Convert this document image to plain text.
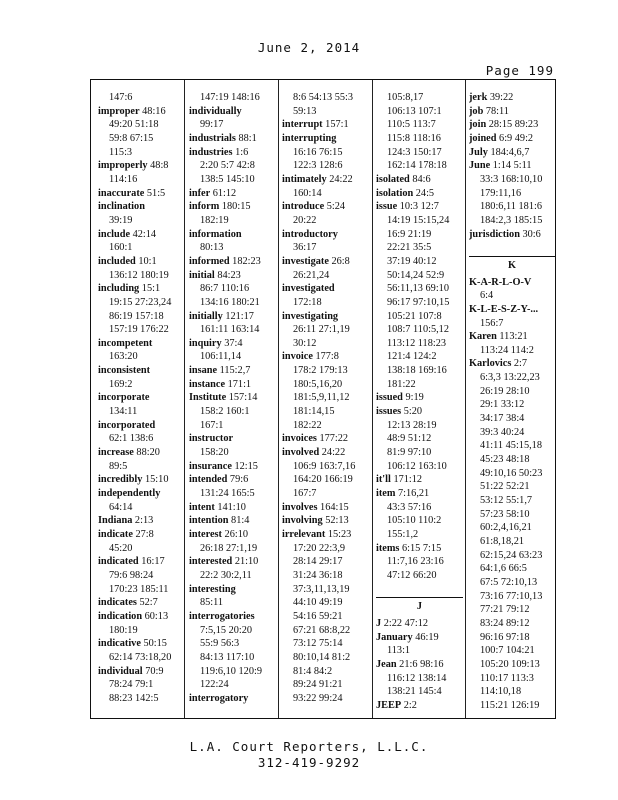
June 2, 2014
Page 199
147:6
improper 48:16
49:20 51:18
59:8 67:15
115:3
improperly 48:8
114:16
inaccurate 51:5
inclination
39:19
include 42:14
160:1
included 10:1
136:12 180:19
including 15:1
19:15 27:23,24
86:19 157:18
157:19 176:22
incompetent
163:20
inconsistent
169:2
incorporate
134:11
incorporated
62:1 138:6
increase 88:20
89:5
incredibly 15:10
independently
64:14
Indiana 2:13
indicate 27:8
45:20
indicated 16:17
79:6 98:24
170:23 185:11
indicates 52:7
indication 60:13
180:19
indicative 50:15
62:14 73:18,20
individual 70:9
78:24 79:1
88:23 142:5
147:19 148:16
individually
99:17
industrials 88:1
industries 1:6
2:20 5:7 42:8
138:5 145:10
infer 61:12
inform 180:15
182:19
information
80:13
informed 182:23
initial 84:23
86:7 110:16
134:16 180:21
initially 121:17
161:11 163:14
inquiry 37:4
106:11,14
insane 115:2,7
instance 171:1
Institute 157:14
158:2 160:1
167:1
instructor
158:20
insurance 12:15
intended 79:6
131:24 165:5
intent 141:10
intention 81:4
interest 26:10
26:18 27:1,19
interested 21:10
22:2 30:2,11
interesting
85:11
interrogatories
7:5,15 20:20
55:9 56:3
84:13 117:10
119:6,10 120:9
122:24
interrogatory
8:6 54:13 55:3
59:13
interrupt 157:1
interrupting
16:16 76:15
122:3 128:6
intimately 24:22
160:14
introduce 5:24
20:22
introductory
36:17
investigate 26:8
26:21,24
investigated
172:18
investigating
26:11 27:1,19
30:12
invoice 177:8
178:2 179:13
180:5,16,20
181:5,9,11,12
181:14,15
182:22
invoices 177:22
involved 24:22
106:9 163:7,16
164:20 166:19
167:7
involves 164:15
involving 52:13
irrelevant 15:23
17:20 22:3,9
28:14 29:17
31:24 36:18
37:3,11,13,19
44:10 49:19
54:16 59:21
67:21 68:8,22
73:12 75:14
80:10,14 81:2
81:4 84:2
89:24 91:21
93:22 99:24
105:8,17
106:13 107:1
110:5 113:7
115:8 118:16
124:3 150:17
162:14 178:18
isolated 84:6
isolation 24:5
issue 10:3 12:7
14:19 15:15,24
16:9 21:19
22:21 35:5
37:19 40:12
50:14,24 52:9
56:11,13 69:10
96:17 97:10,15
105:21 107:8
108:7 110:5,12
113:12 118:23
121:4 124:2
138:18 169:16
181:22
issued 9:19
issues 5:20
12:13 28:19
48:9 51:12
81:9 97:10
106:12 163:10
it'll 171:12
item 7:16,21
43:3 57:16
105:10 110:2
155:1,2
items 6:15 7:15
11:7,16 23:16
47:12 66:20

J
J 2:22 47:12
January 46:19
113:1
Jean 21:6 98:16
116:12 138:14
138:21 145:4
JEEP 2:2
jerk 39:22
job 78:11
join 28:15 89:23
joined 6:9 49:2
July 184:4,6,7
June 1:14 5:11
33:3 168:10,10
179:11,16
180:6,11 181:6
184:2,3 185:15
jurisdiction 30:6

K
K-A-R-L-O-V
6:4
K-L-E-S-Z-Y-...
156:7
Karen 113:21
113:24 114:2
Karlovics 2:7
6:3,3 13:22,23
26:19 28:10
29:1 33:12
34:17 38:4
39:3 40:24
41:11 45:15,18
45:23 48:18
49:10,16 50:23
51:22 52:21
53:12 55:1,7
57:23 58:10
60:2,4,16,21
61:8,18,21
62:15,24 63:23
64:1,6 66:5
67:5 72:10,13
73:16 77:10,13
77:21 79:12
83:24 89:12
96:16 97:18
100:7 104:21
105:20 109:13
110:17 113:3
114:10,18
115:21 126:19
L.A. Court Reporters, L.L.C.
312-419-9292
